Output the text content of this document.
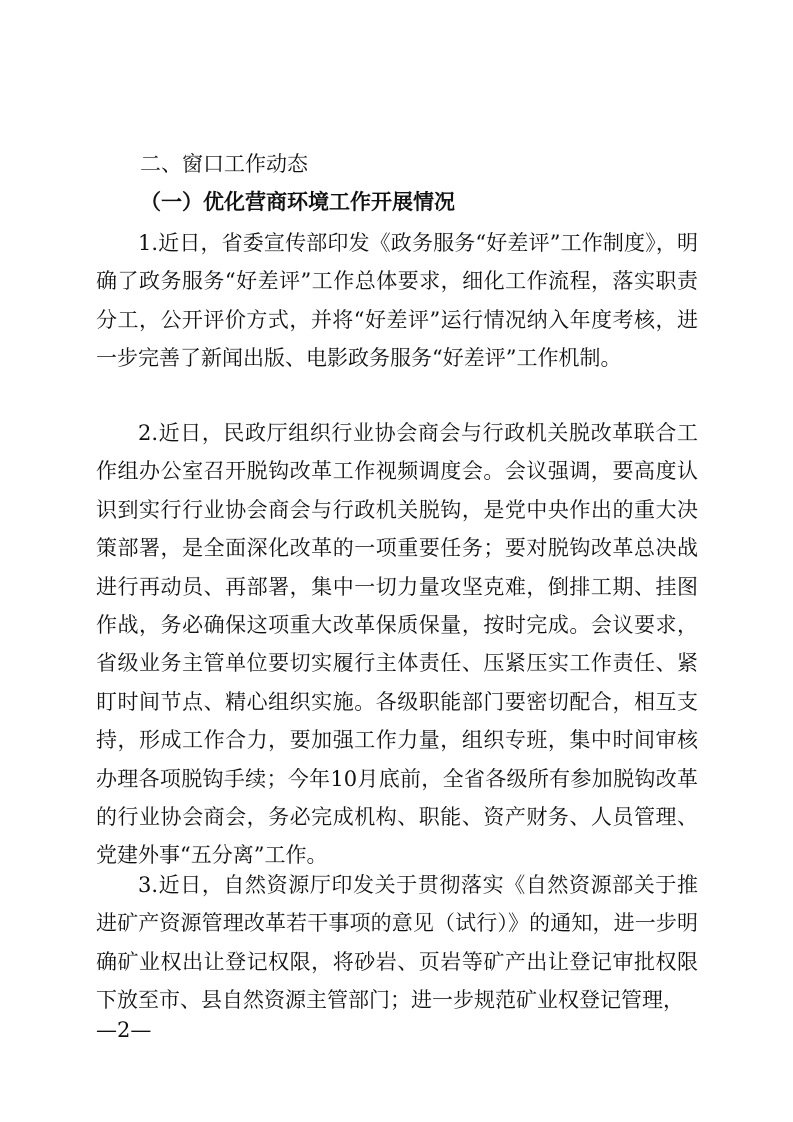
二、窗口工作动态
（一）优化营商环境工作开展情况

1.近日，省委宣传部印发《政务服务“好差评”工作制度》，明确了政务服务“好差评”工作总体要求，细化工作流程，落实职责分工，公开评价方式，并将“好差评”运行情况纳入年度考核，进一步完善了新闻出版、电影政务服务“好差评”工作机制。

2.近日，民政厅组织行业协会商会与行政机关脱改革联合工作组办公室召开脱钩改革工作视频调度会。会议强调，要高度认识到实行行业协会商会与行政机关脱钩，是党中央作出的重大决策部署，是全面深化改革的一项重要任务；要对脱钩改革总决战进行再动员、再部署，集中一切力量攻坚克难，倒排工期、挂图作战，务必确保这项重大改革保质保量，按时完成。会议要求，省级业务主管单位要切实履行主体责任、压紧压实工作责任、紧盯时间节点、精心组织实施。各级职能部门要密切配合，相互支持，形成工作合力，要加强工作力量，组织专班，集中时间审核办理各项脱钩手续；今年10月底前，全省各级所有参加脱钩改革的行业协会商会，务必完成机构、职能、资产财务、人员管理、党建外事“五分离”工作。

3.近日，自然资源厅印发关于贯彻落实《自然资源部关于推进矿产资源管理改革若干事项的意见（试行）》的通知，进一步明确矿业权出让登记权限，将砂岩、页岩等矿产出让登记审批权限下放至市、县自然资源主管部门；进一步规范矿业权登记管理，

—2—
